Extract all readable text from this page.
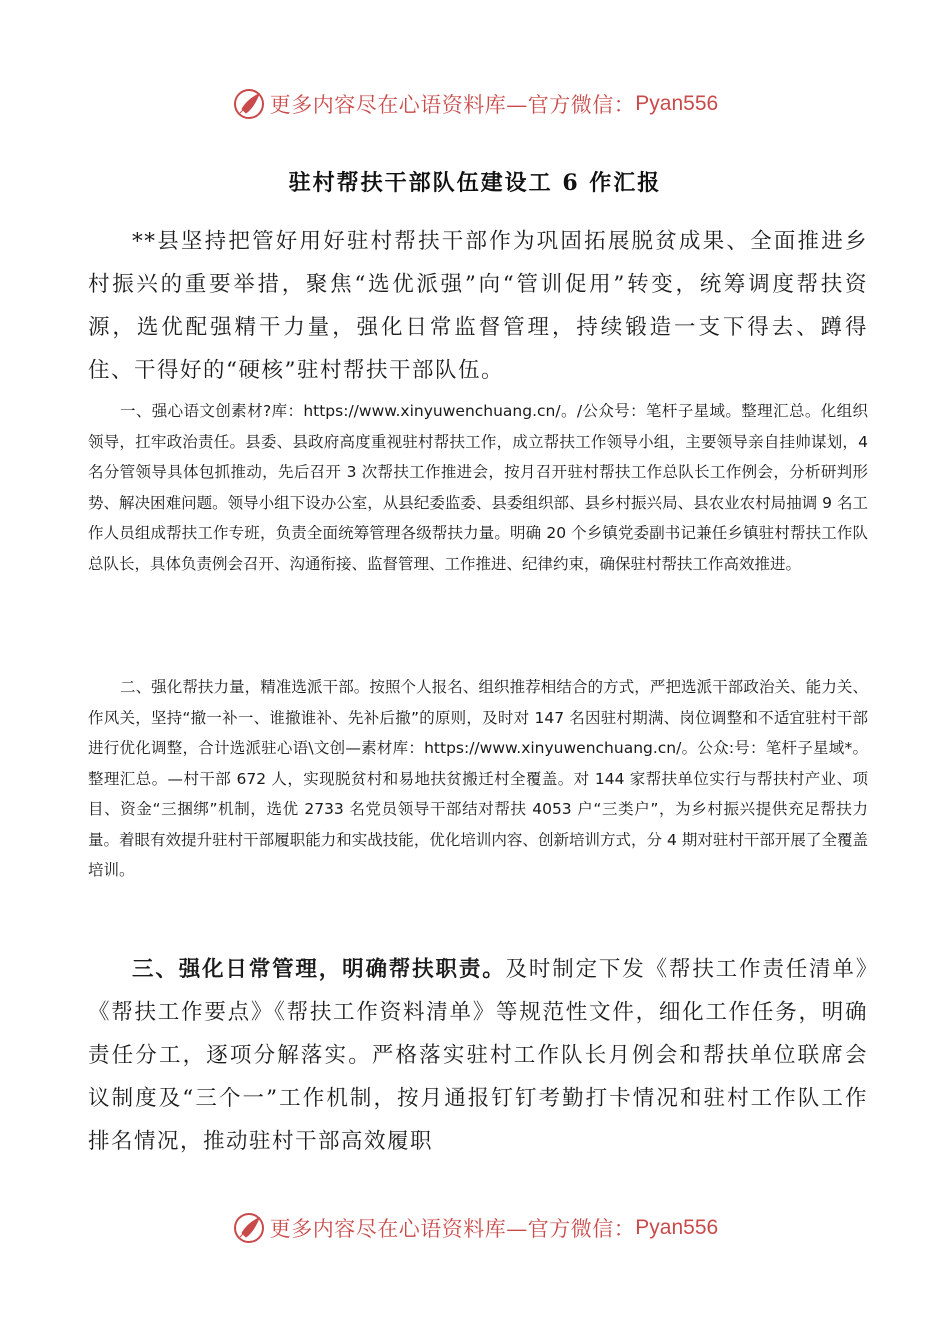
更多内容尽在心语资料库—官方微信： Pyan556
驻村帮扶干部队伍建设工 6 作汇报

**县坚持把管好用好驻村帮扶干部作为巩固拓展脱贫成果、全面推进乡村振兴的重要举措，聚焦“选优派强”向“管训促用”转变，统筹调度帮扶资源，选优配强精干力量，强化日常监督管理，持续锻造一支下得去、蹲得住、干得好的“硬核”驻村帮扶干部队伍。

一、强心语文创素材?库：https://www.xinyuwenchuang.cn/。/公众号：笔杆子星域。整理汇总。化组织领导，扛牢政治责任。县委、县政府高度重视驻村帮扶工作，成立帮扶工作领导小组，主要领导亲自挂帅谋划，4 名分管领导具体包抓推动，先后召开 3 次帮扶工作推进会，按月召开驻村帮扶工作总队长工作例会，分析研判形势、解决困难问题。领导小组下设办公室，从县纪委监委、县委组织部、县乡村振兴局、县农业农村局抽调 9 名工作人员组成帮扶工作专班，负责全面统筹管理各级帮扶力量。明确 20 个乡镇党委副书记兼任乡镇驻村帮扶工作队总队长，具体负责例会召开、沟通衔接、监督管理、工作推进、纪律约束，确保驻村帮扶工作高效推进。

二、强化帮扶力量，精准选派干部。按照个人报名、组织推荐相结合的方式，严把选派干部政治关、能力关、作风关，坚持“撤一补一、谁撤谁补、先补后撤”的原则，及时对 147 名因驻村期满、岗位调整和不适宜驻村干部进行优化调整，合计选派驻心语\文创—素材库：https://www.xinyuwenchuang.cn/。公众:号：笔杆子星域*。整理汇总。—村干部 672 人，实现脱贫村和易地扶贫搬迁村全覆盖。对 144 家帮扶单位实行与帮扶村产业、项目、资金“三捆绑”机制，选优 2733 名党员领导干部结对帮扶 4053 户“三类户”，为乡村振兴提供充足帮扶力量。着眼有效提升驻村干部履职能力和实战技能，优化培训内容、创新培训方式，分 4 期对驻村干部开展了全覆盖培训。

三、强化日常管理，明确帮扶职责。及时制定下发《帮扶工作责任清单》《帮扶工作要点》《帮扶工作资料清单》等规范性文件，细化工作任务，明确责任分工，逐项分解落实。严格落实驻村工作队长月例会和帮扶单位联席会议制度及“三个一”工作机制，按月通报钉钉考勤打卡情况和驻村工作队工作排名情况，推动驻村干部高效履职

更多内容尽在心语资料库—官方微信： Pyan556
